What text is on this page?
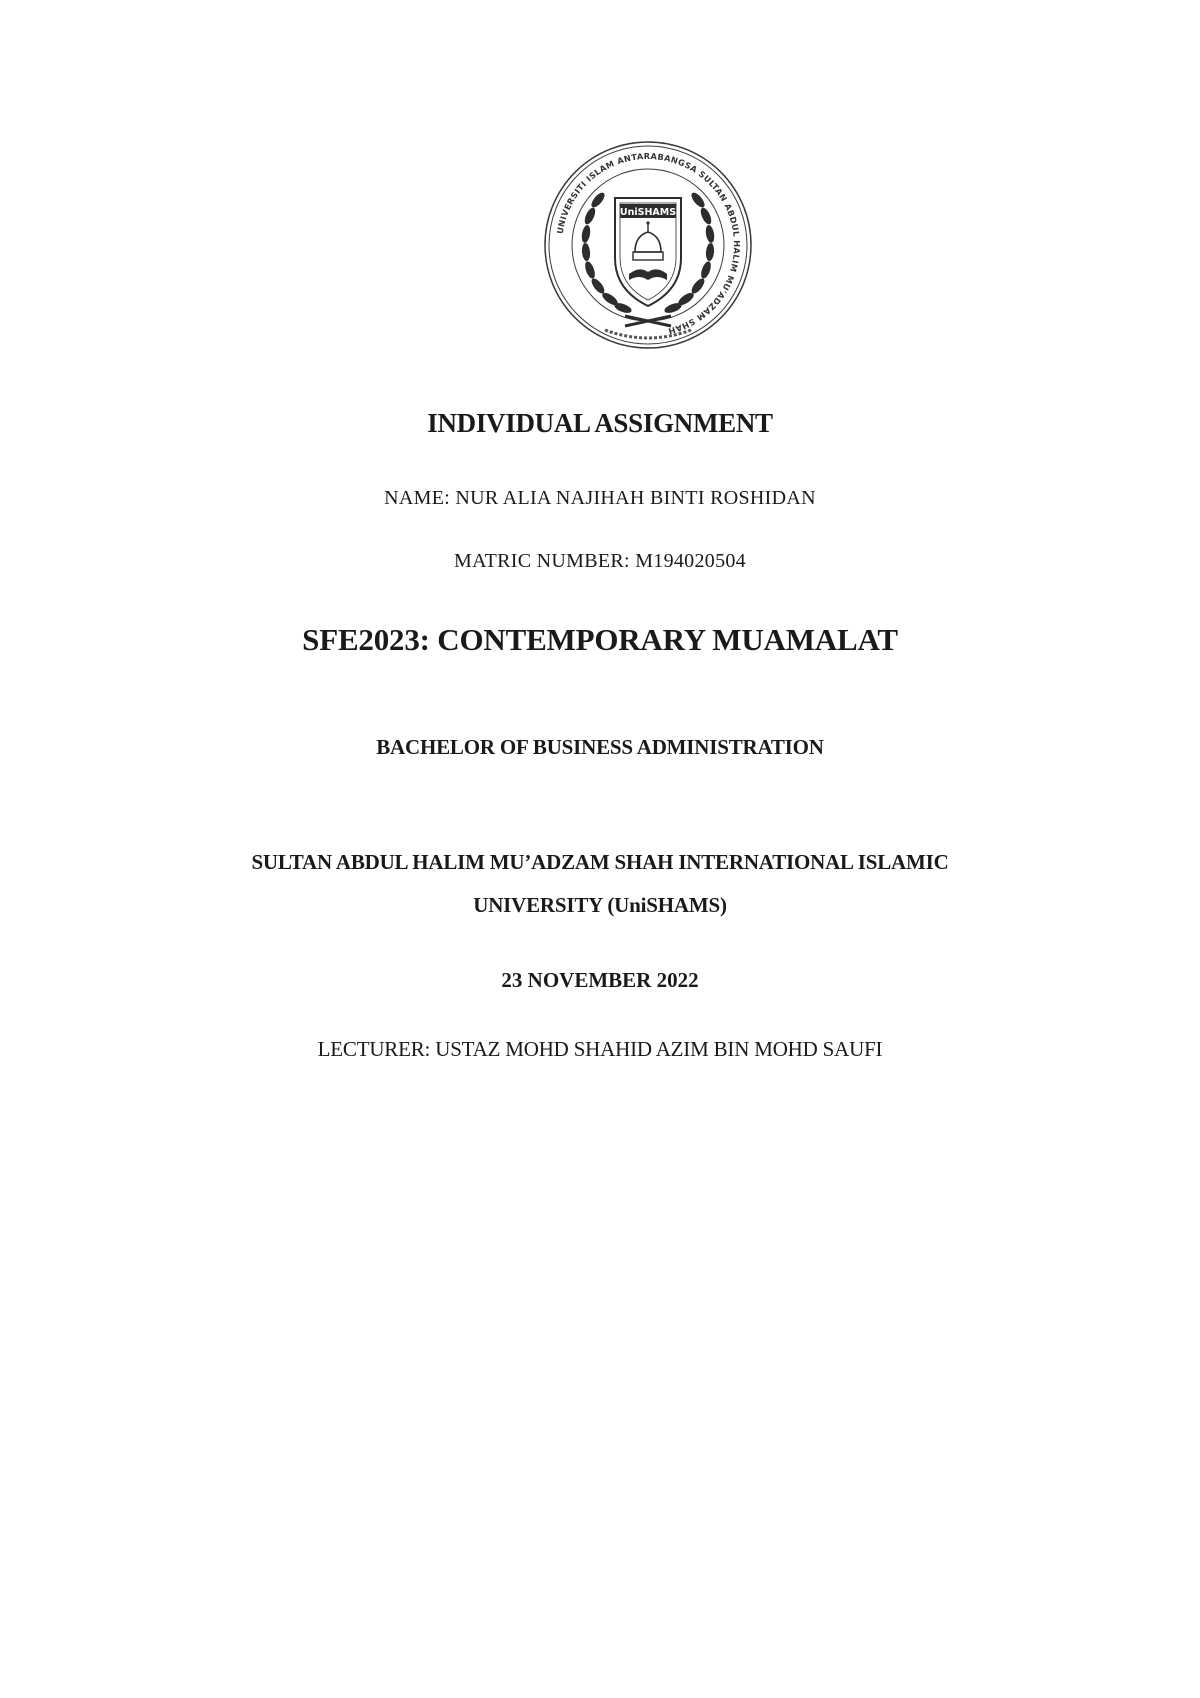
UNIVERSITI ISLAM ANTARABANGSA SULTAN ABDUL HALIM MU'ADZAM SHAH
UniSHAMS
INDIVIDUAL ASSIGNMENT
NAME: NUR ALIA NAJIHAH BINTI ROSHIDAN
MATRIC NUMBER: M194020504
SFE2023: CONTEMPORARY MUAMALAT
BACHELOR OF BUSINESS ADMINISTRATION
SULTAN ABDUL HALIM MU’ADZAM SHAH INTERNATIONAL ISLAMIC
UNIVERSITY (UniSHAMS)
23 NOVEMBER 2022
LECTURER: USTAZ MOHD SHAHID AZIM BIN MOHD SAUFI
